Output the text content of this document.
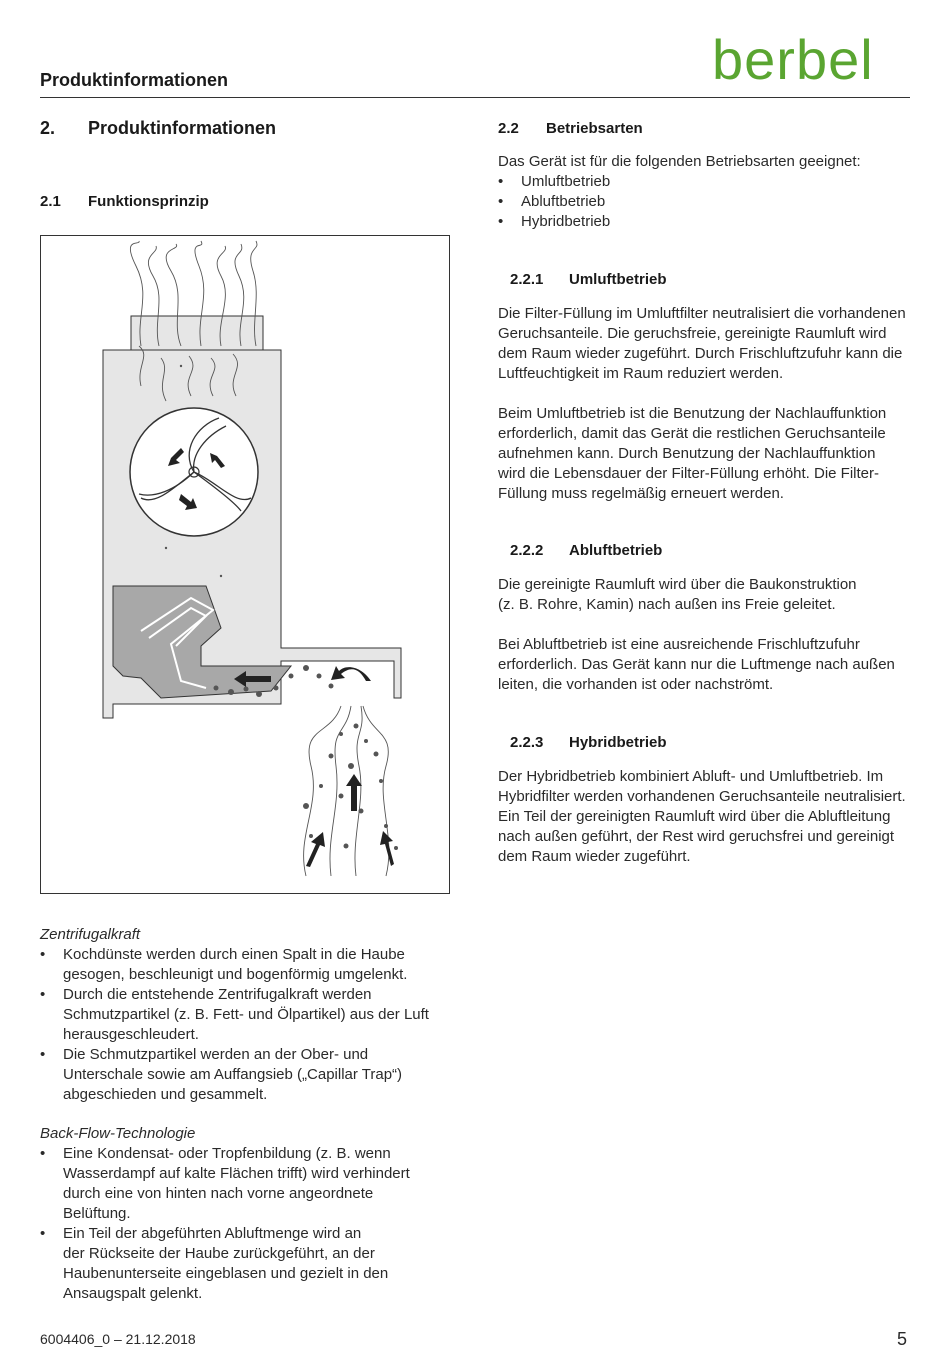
Produktinformationen	berbel
2. Produktinformationen
2.1 Funktionsprinzip
2.2 Betriebsarten
Das Gerät ist für die folgenden Betriebsarten geeignet:
• Umluftbetrieb
• Abluftbetrieb
• Hybridbetrieb
2.2.1 Umluftbetrieb

Die Filter-Füllung im Umluftfilter neutralisiert die vorhandenen

Geruchsanteile. Die geruchsfreie, gereinigte Raumluft wird

dem Raum wieder zugeführt. Durch Frischluftzufuhr kann die

Luftfeuchtigkeit im Raum reduziert werden.

Beim Umluftbetrieb ist die Benutzung der Nachlauffunktion

erforderlich, damit das Gerät die restlichen Geruchsanteile

aufnehmen kann. Durch Benutzung der Nachlauffunktion

wird die Lebensdauer der Filter-Füllung erhöht. Die Filter-

Füllung muss regelmäßig erneuert werden.

2.2.2 Abluftbetrieb

Die gereinigte Raumluft wird über die Baukonstruktion

(z. B. Rohre, Kamin) nach außen ins Freie geleitet.

Bei Abluftbetrieb ist eine ausreichende Frischluftzufuhr

erforderlich. Das Gerät kann nur die Luftmenge nach außen

leiten, die vorhanden ist oder nachströmt.

2.2.3 Hybridbetrieb

Der Hybridbetrieb kombiniert Abluft- und Umluftbetrieb. Im

Hybridfilter werden vorhandenen Geruchsanteile neutralisiert.

Ein Teil der gereinigten Raumluft wird über die Abluftleitung

nach außen geführt, der Rest wird geruchsfrei und gereinigt

dem Raum wieder zugeführt.

Zentrifugalkraft
• Kochdünste werden durch einen Spalt in die Haube
gesogen, beschleunigt und bogenförmig umgelenkt.
• Durch die entstehende Zentrifugalkraft werden
Schmutzpartikel (z. B. Fett- und Ölpartikel) aus der Luft
herausgeschleudert.
• Die Schmutzpartikel werden an der Ober- und
Unterschale sowie am Auffangsieb („Capillar Trap“)
abgeschieden und gesammelt.
Back-Flow-Technologie
• Eine Kondensat- oder Tropfenbildung (z. B. wenn
Wasserdampf auf kalte Flächen trifft) wird verhindert
durch eine von hinten nach vorne angeordnete
Belüftung.
• Ein Teil der abgeführten Abluftmenge wird an
der Rückseite der Haube zurückgeführt, an der
Haubenunterseite eingeblasen und gezielt in den
Ansaugspalt gelenkt.
6004406_0 – 21.12.2018	5
